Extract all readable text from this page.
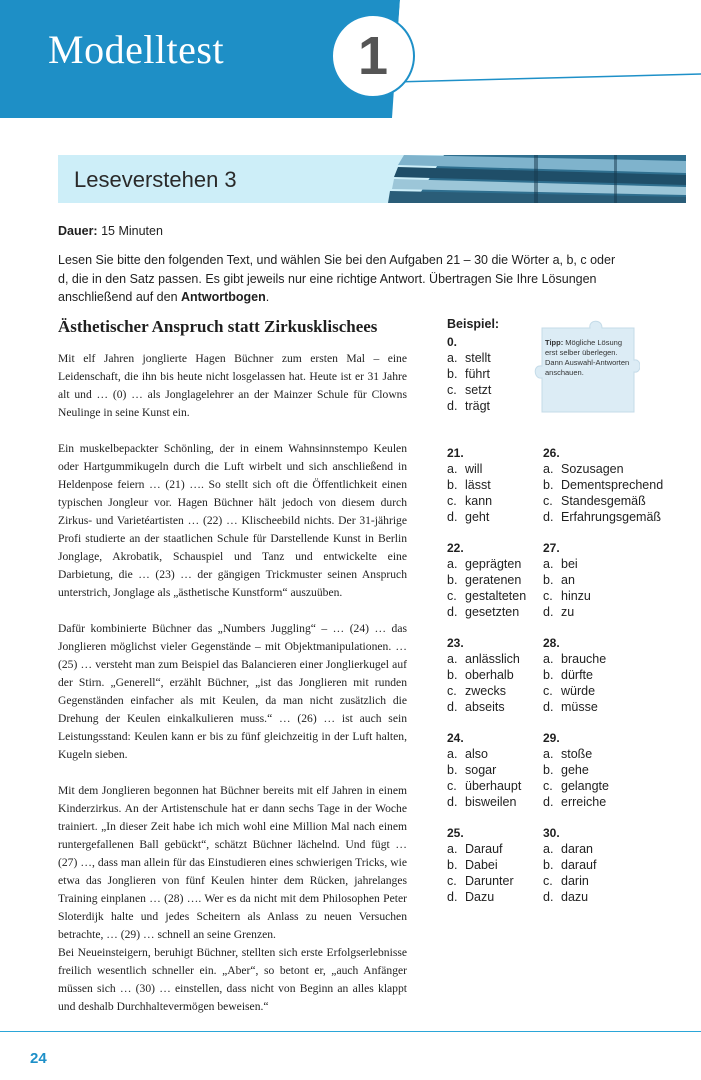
Modelltest 1
Leseverstehen 3
Dauer: 15 Minuten
Lesen Sie bitte den folgenden Text, und wählen Sie bei den Aufgaben 21 – 30 die Wörter a, b, c oder d, die in den Satz passen. Es gibt jeweils nur eine richtige Antwort. Übertragen Sie Ihre Lösungen anschließend auf den Antwortbogen.
Ästhetischer Anspruch statt Zirkusklischees

Mit elf Jahren jonglierte Hagen Büchner zum ersten Mal – eine Leidenschaft, die ihn bis heute nicht losgelassen hat. Heute ist er 31 Jahre alt und … (0) … als Jonglagelehrer an der Mainzer Schule für Clowns Neulinge in seine Kunst ein.

Ein muskelbepackter Schönling, der in einem Wahnsinnstempo Keulen oder Hartgummikugeln durch die Luft wirbelt und sich anschließend in Heldenpose feiern … (21) …. So stellt sich oft die Öffentlichkeit einen typischen Jongleur vor. Hagen Büchner hält jedoch von diesem durch Zirkus- und Varietéartisten … (22) … Klischeebild nichts. Der 31-jährige Profi studierte an der staatlichen Schule für Darstellende Kunst in Berlin Jonglage, Akrobatik, Schauspiel und Tanz und entwickelte eine Darbietung, die … (23) … der gängigen Trickmuster seinen Anspruch unterstrich, Jonglage als „ästhetische Kunstform“ auszuüben.

Dafür kombinierte Büchner das „Numbers Juggling“ – … (24) … das Jonglieren möglichst vieler Gegenstände – mit Objektmanipulationen. … (25) … versteht man zum Beispiel das Balancieren einer Jonglierkugel auf der Stirn. „Generell“, erzählt Büchner, „ist das Jonglieren mit runden Gegenständen einfacher als mit Keulen, da man nicht zusätzlich die Drehung der Keulen einkalkulieren muss.“ … (26) … ist auch sein Leistungsstand: Keulen kann er bis zu fünf gleichzeitig in der Luft halten, Kugeln sieben.

Mit dem Jonglieren begonnen hat Büchner bereits mit elf Jahren in einem Kinderzirkus. An der Artistenschule hat er dann sechs Tage in der Woche trainiert. „In dieser Zeit habe ich mich wohl eine Million Mal nach einem runtergefallenen Ball gebückt“, schätzt Büchner lächelnd. Und fügt … (27) …, dass man allein für das Einstudieren eines schwierigen Tricks, wie etwa das Jonglieren von fünf Keulen hinter dem Rücken, jahrelanges Training einplanen … (28) …. Wer es da nicht mit dem Philosophen Peter Sloterdijk halte und jedes Scheitern als Anlass zu neuen Versuchen betrachte, … (29) … schnell an seine Grenzen.

Bei Neueinsteigern, beruhigt Büchner, stellten sich erste Erfolgserlebnisse freilich wesentlich schneller ein. „Aber“, so betont er, „auch Anfänger müssen sich … (30) … einstellen, dass nicht von Beginn an alles klappt und deshalb Durchhaltevermögen beweisen.“

Tipp: Mögliche Lösung erst selber überlegen. Dann Auswahl-Antworten anschauen.
Beispiel:
0.
a. stellt
b. führt
c. setzt
d. trägt
21.
a. will
b. lässt
c. kann
d. geht
26.
a. Sozusagen
b. Dementsprechend
c. Standesgemäß
d. Erfahrungsgemäß
22.
a. geprägten
b. geratenen
c. gestalteten
d. gesetzten
27.
a. bei
b. an
c. hinzu
d. zu
23.
a. anlässlich
b. oberhalb
c. zwecks
d. abseits
28.
a. brauche
b. dürfte
c. würde
d. müsse
24.
a. also
b. sogar
c. überhaupt
d. bisweilen
29.
a. stoße
b. gehe
c. gelangte
d. erreiche
25.
a. Darauf
b. Dabei
c. Darunter
d. Dazu
30.
a. daran
b. darauf
c. darin
d. dazu
24
